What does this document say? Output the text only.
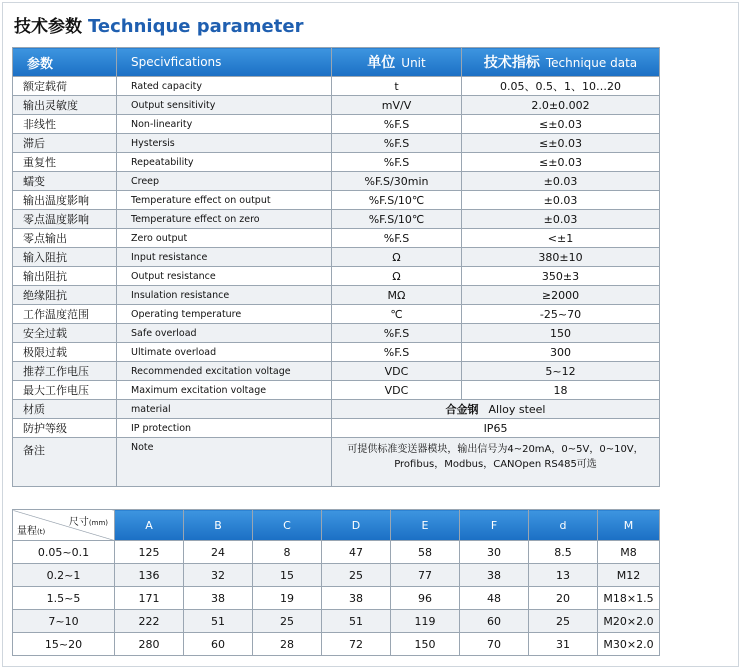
技术参数 Technique parameter
参数	Specivfications	单位 Unit	技术指标 Technique data
额定载荷	Rated capacity	t	0.05、0.5、1、10…20
输出灵敏度	Output sensitivity	mV/V	2.0±0.002
非线性	Non-linearity	%F.S	≤±0.03
滞后	Hystersis	%F.S	≤±0.03
重复性	Repeatability	%F.S	≤±0.03
蠕变	Creep	%F.S/30min	±0.03
输出温度影响	Temperature effect on output	%F.S/10℃	±0.03
零点温度影响	Temperature effect on zero	%F.S/10℃	±0.03
零点输出	Zero output	%F.S	<±1
输入阻抗	Input resistance	Ω	380±10
输出阻抗	Output resistance	Ω	350±3
绝缘阻抗	Insulation resistance	MΩ	≥2000
工作温度范围	Operating temperature	℃	-25~70
安全过载	Safe overload	%F.S	150
极限过载	Ultimate overload	%F.S	300
推荐工作电压	Recommended excitation voltage	VDC	5~12
最大工作电压	Maximum excitation voltage	VDC	18
材质	material	合金钢 Alloy steel	
防护等级	IP protection	IP65	
备注	Note	可提供标准变送器模块，输出信号为4~20mA，0~5V，0~10V，
Profibus，Modbus，CANOpen RS485可选	
尺寸(mm)
量程(t)	A	B	C	D	E	F	d	M
0.05~0.1	125	24	8	47	58	30	8.5	M8
0.2~1	136	32	15	25	77	38	13	M12
1.5~5	171	38	19	38	96	48	20	M18×1.5
7~10	222	51	25	51	119	60	25	M20×2.0
15~20	280	60	28	72	150	70	31	M30×2.0
